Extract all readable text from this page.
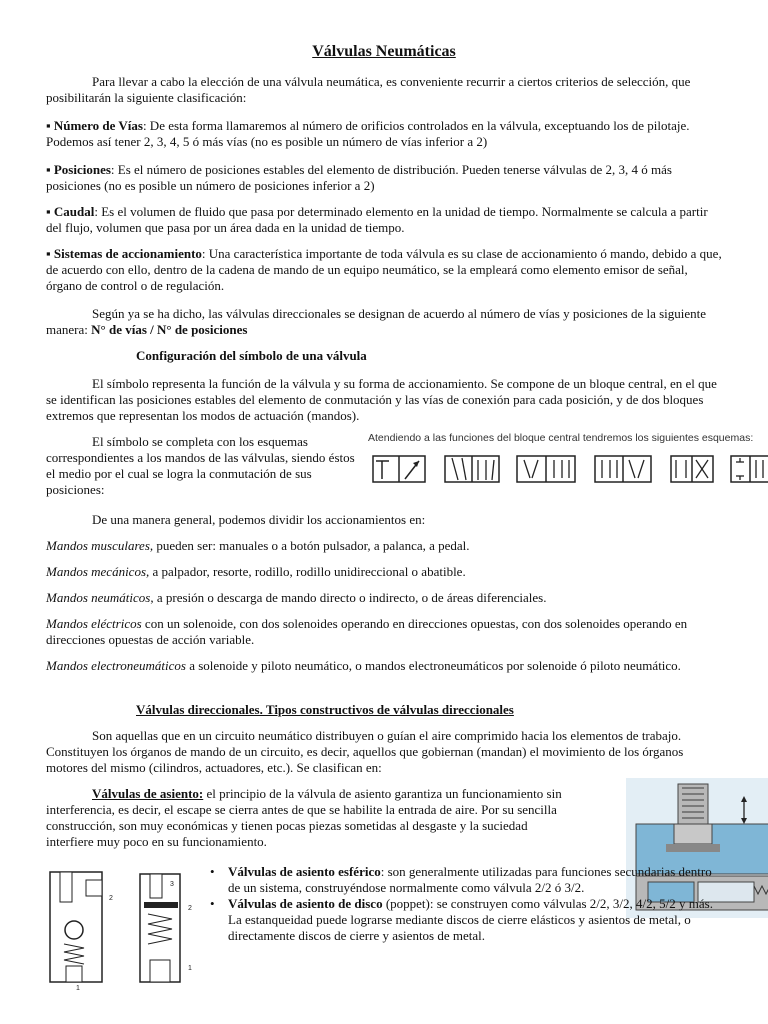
Válvulas Neumáticas

Para llevar a cabo la elección de una válvula neumática, es conveniente recurrir a ciertos criterios de selección, que posibilitarán la siguiente clasificación:

▪ Número de Vías: De esta forma llamaremos al número de orificios controlados en la válvula, exceptuando los de pilotaje. Podemos así tener 2, 3, 4, 5 ó más vías (no es posible un número de vías inferior a 2)

▪ Posiciones: Es el número de posiciones estables del elemento de distribución. Pueden tenerse válvulas de 2, 3, 4 ó más posiciones (no es posible un número de posiciones inferior a 2)

▪ Caudal: Es el volumen de fluido que pasa por determinado elemento en la unidad de tiempo. Normalmente se calcula a partir del flujo, volumen que pasa por un área dada en la unidad de tiempo.

▪ Sistemas de accionamiento: Una característica importante de toda válvula es su clase de accionamiento ó mando, debido a que, de acuerdo con ello, dentro de la cadena de mando de un equipo neumático, se la empleará como elemento emisor de señal, órgano de control o de regulación.

Según ya se ha dicho, las válvulas direccionales se designan de acuerdo al número de vías y posiciones de la siguiente manera: N° de vías / N° de posiciones

Configuración del símbolo de una válvula

El símbolo representa la función de la válvula y su forma de accionamiento. Se compone de un bloque central, en el que se identifican las posiciones estables del elemento de conmutación y las vías de conexión para cada posición, y de dos bloques extremos que representan los modos de actuación (mandos).

El símbolo se completa con los esquemas correspondientes a los mandos de las válvulas, siendo éstos el medio por el cual se logra la conmutación de sus posiciones:

Atendiendo a las funciones del bloque central tendremos los siguientes esquemas:

De una manera general, podemos dividir los accionamientos en:

Mandos musculares, pueden ser: manuales o a botón pulsador, a palanca, a pedal.

Mandos mecánicos, a palpador, resorte, rodillo, rodillo unidireccional o abatible.

Mandos neumáticos, a presión o descarga de mando directo o indirecto, o de áreas diferenciales.

Mandos eléctricos con un solenoide, con dos solenoides operando en direcciones opuestas, con dos solenoides operando en direcciones opuestas de acción variable.

Mandos electroneumáticos a solenoide y piloto neumático, o mandos electroneumáticos por solenoide ó piloto neumático.

Válvulas direccionales. Tipos constructivos de válvulas direccionales

Son aquellas que en un circuito neumático distribuyen o guían el aire comprimido hacia los elementos de trabajo. Constituyen los órganos de mando de un circuito, es decir, aquellos que gobiernan (mandan) el movimiento de los órganos motores del mismo (cilindros, actuadores, etc.). Se clasifican en:

Válvulas de asiento: el principio de la válvula de asiento garantiza un funcionamiento sin interferencia, es decir, el escape se cierra antes de que se habilite la entrada de aire. Por su sencilla construcción, son muy económicas y tienen pocas piezas sometidas al desgaste y la suciedad interfiere muy poco en su funcionamiento.

2
3
2
1
1
• Válvulas de asiento esférico: son generalmente utilizadas para funciones secundarias dentro de un sistema, construyéndose normalmente como válvula 2/2 ó 3/2.
• Válvulas de asiento de disco (poppet): se construyen como válvulas 2/2, 3/2, 4/2, 5/2 y más. La estanqueidad puede lograrse mediante discos de cierre elásticos y asientos de metal, o directamente discos de cierre y asientos de metal.
